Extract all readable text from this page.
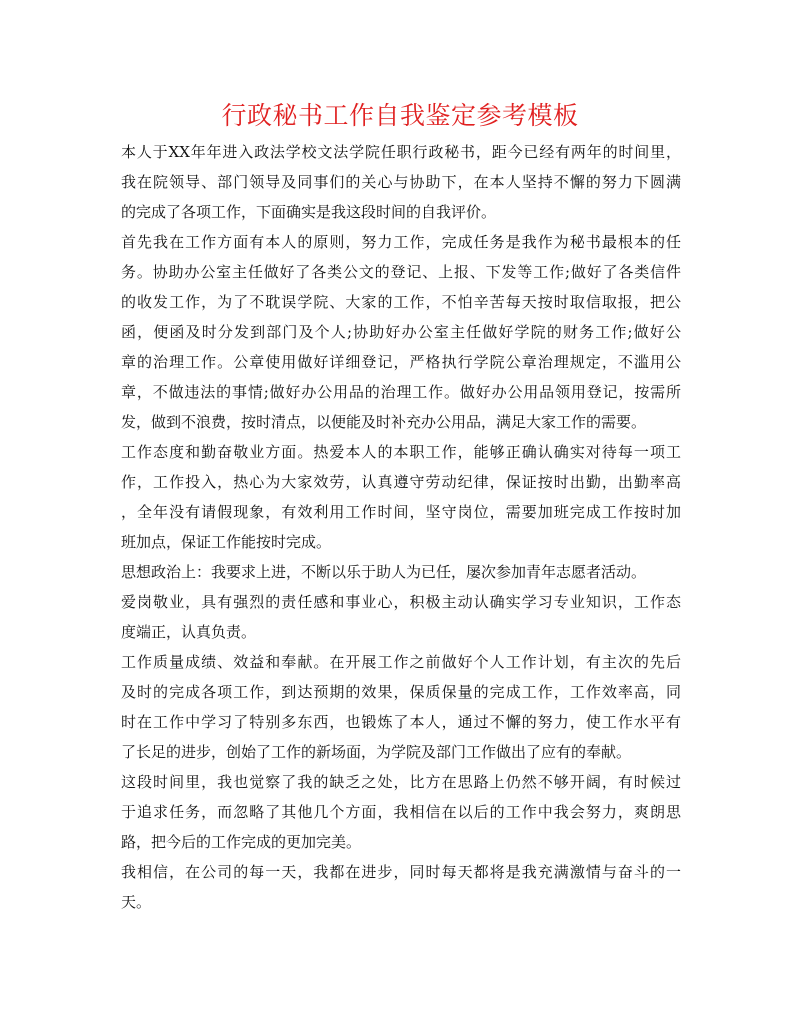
行政秘书工作自我鉴定参考模板
本人于XX年年进入政法学校文法学院任职行政秘书，距今已经有两年的时间里，
我在院领导、部门领导及同事们的关心与协助下，在本人坚持不懈的努力下圆满
的完成了各项工作，下面确实是我这段时间的自我评价。
首先我在工作方面有本人的原则，努力工作，完成任务是我作为秘书最根本的任
务。协助办公室主任做好了各类公文的登记、上报、下发等工作;做好了各类信件
的收发工作，为了不耽误学院、大家的工作，不怕辛苦每天按时取信取报，把公
函，便函及时分发到部门及个人;协助好办公室主任做好学院的财务工作;做好公
章的治理工作。公章使用做好详细登记，严格执行学院公章治理规定，不滥用公
章，不做违法的事情;做好办公用品的治理工作。做好办公用品领用登记，按需所
发，做到不浪费，按时清点，以便能及时补充办公用品，满足大家工作的需要。
工作态度和勤奋敬业方面。热爱本人的本职工作，能够正确认确实对待每一项工
作，工作投入，热心为大家效劳，认真遵守劳动纪律，保证按时出勤，出勤率高
，全年没有请假现象，有效利用工作时间，坚守岗位，需要加班完成工作按时加
班加点，保证工作能按时完成。
思想政治上：我要求上进，不断以乐于助人为已任，屡次参加青年志愿者活动。
爱岗敬业，具有强烈的责任感和事业心，积极主动认确实学习专业知识，工作态
度端正，认真负责。
工作质量成绩、效益和奉献。在开展工作之前做好个人工作计划，有主次的先后
及时的完成各项工作，到达预期的效果，保质保量的完成工作，工作效率高，同
时在工作中学习了特别多东西，也锻炼了本人，通过不懈的努力，使工作水平有
了长足的进步，创始了工作的新场面，为学院及部门工作做出了应有的奉献。
这段时间里，我也觉察了我的缺乏之处，比方在思路上仍然不够开阔，有时候过
于追求任务，而忽略了其他几个方面，我相信在以后的工作中我会努力，爽朗思
路，把今后的工作完成的更加完美。
我相信，在公司的每一天，我都在进步，同时每天都将是我充满激情与奋斗的一
天。
